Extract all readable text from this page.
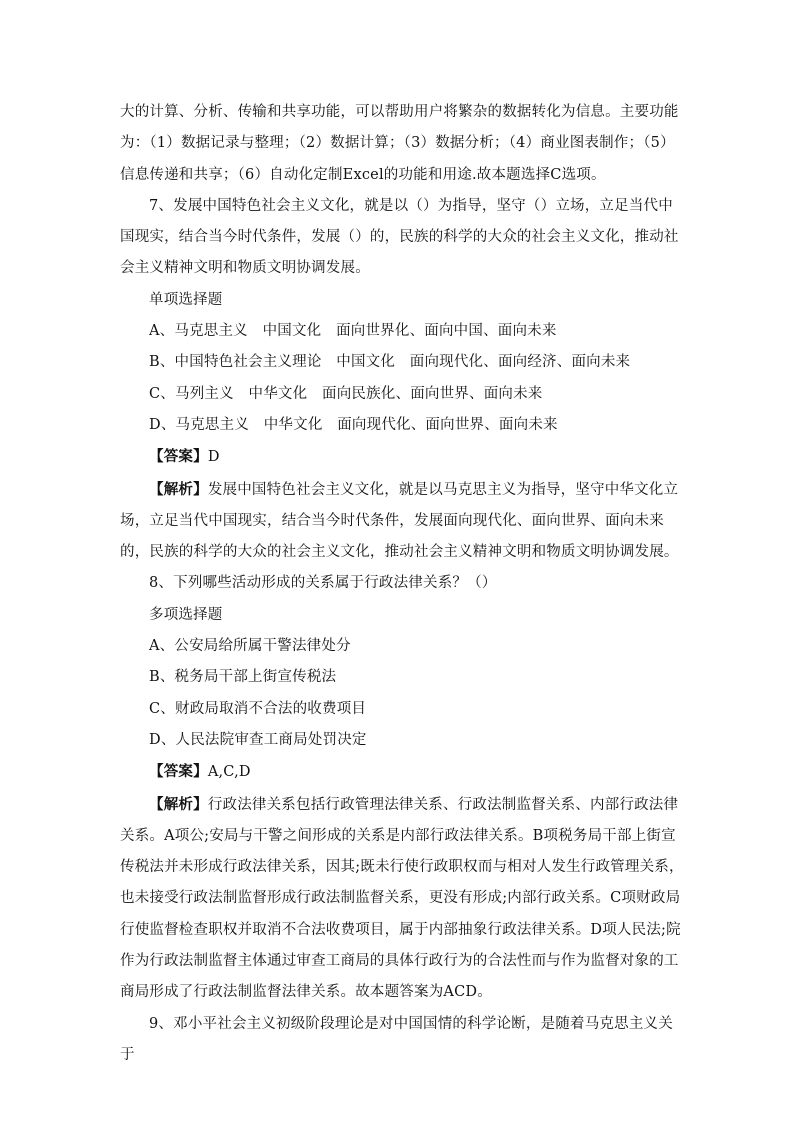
大的计算、分析、传输和共享功能，可以帮助用户将繁杂的数据转化为信息。主要功能为：（1）数据记录与整理；（2）数据计算；（3）数据分析；（4）商业图表制作；（5）信息传递和共享；（6）自动化定制Excel的功能和用途.故本题选择C选项。

7、发展中国特色社会主义文化，就是以（）为指导，坚守（）立场，立足当代中国现实，结合当今时代条件，发展（）的，民族的科学的大众的社会主义文化，推动社会主义精神文明和物质文明协调发展。

单项选择题

A、马克思主义　中国文化　面向世界化、面向中国、面向未来

B、中国特色社会主义理论　中国文化　面向现代化、面向经济、面向未来

C、马列主义　中华文化　面向民族化、面向世界、面向未来

D、马克思主义　中华文化　面向现代化、面向世界、面向未来

【答案】D

【解析】发展中国特色社会主义文化，就是以马克思主义为指导，坚守中华文化立场，立足当代中国现实，结合当今时代条件，发展面向现代化、面向世界、面向未来的，民族的科学的大众的社会主义文化，推动社会主义精神文明和物质文明协调发展。

8、下列哪些活动形成的关系属于行政法律关系？（）

多项选择题

A、公安局给所属干警法律处分

B、税务局干部上街宣传税法

C、财政局取消不合法的收费项目

D、人民法院审查工商局处罚决定

【答案】A,C,D

【解析】行政法律关系包括行政管理法律关系、行政法制监督关系、内部行政法律关系。A项公;安局与干警之间形成的关系是内部行政法律关系。B项税务局干部上街宣传税法并未形成行政法律关系，因其;既未行使行政职权而与相对人发生行政管理关系，也未接受行政法制监督形成行政法制监督关系，更没有形成;内部行政关系。C项财政局行使监督检查职权并取消不合法收费项目，属于内部抽象行政法律关系。D项人民法;院作为行政法制监督主体通过审查工商局的具体行政行为的合法性而与作为监督对象的工商局形成了行政法制监督法律关系。故本题答案为ACD。

9、邓小平社会主义初级阶段理论是对中国国情的科学论断，是随着马克思主义关于
